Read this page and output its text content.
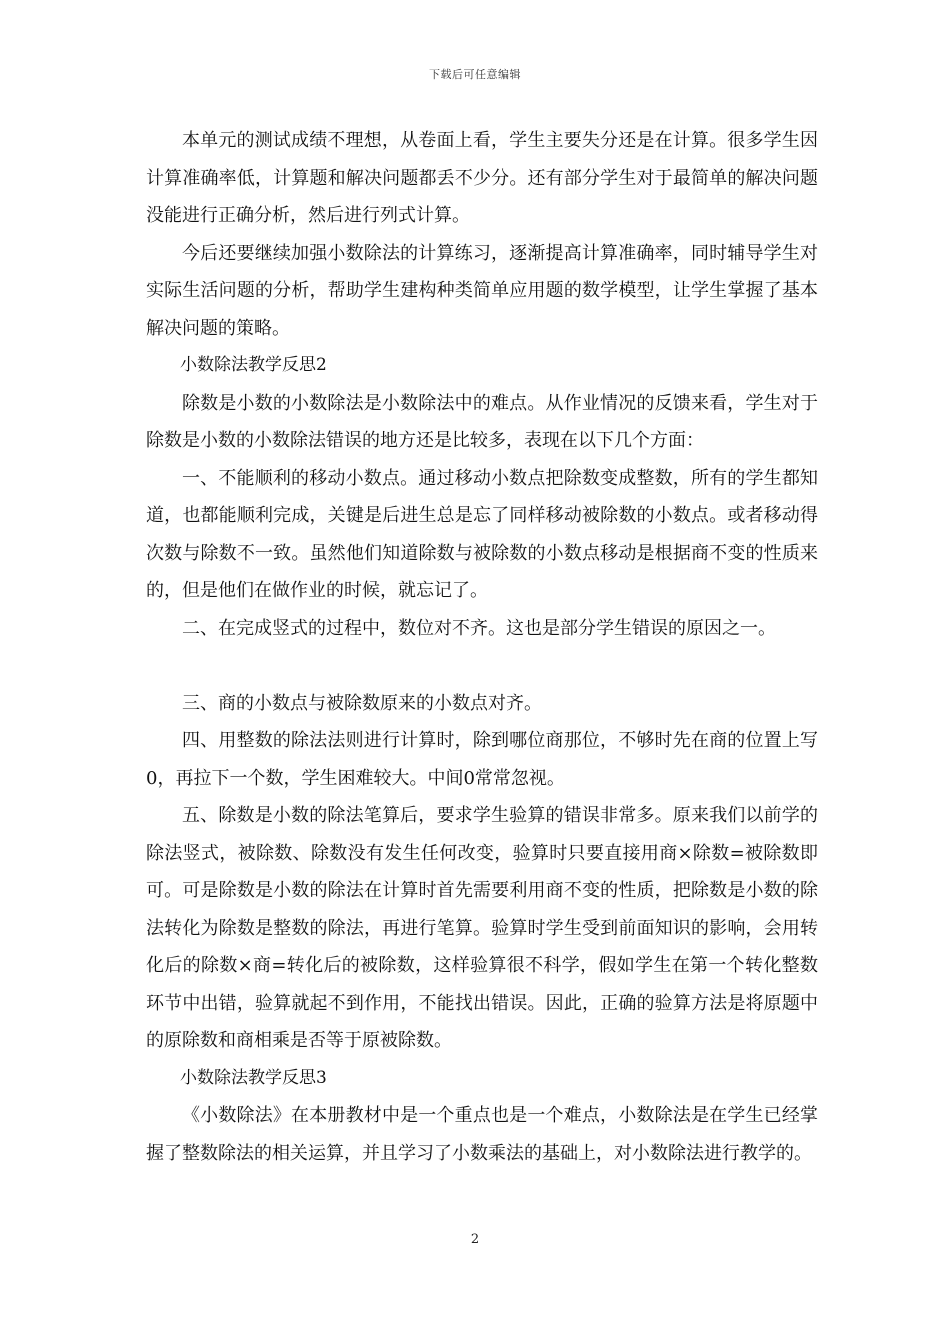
下载后可任意编辑

本单元的测试成绩不理想，从卷面上看，学生主要失分还是在计算。很多学生因计算准确率低，计算题和解决问题都丢不少分。还有部分学生对于最简单的解决问题没能进行正确分析，然后进行列式计算。

今后还要继续加强小数除法的计算练习，逐渐提高计算准确率，同时辅导学生对实际生活问题的分析，帮助学生建构种类简单应用题的数学模型，让学生掌握了基本解决问题的策略。

小数除法教学反思2

除数是小数的小数除法是小数除法中的难点。从作业情况的反馈来看，学生对于除数是小数的小数除法错误的地方还是比较多，表现在以下几个方面：

一、不能顺利的移动小数点。通过移动小数点把除数变成整数，所有的学生都知道，也都能顺利完成，关键是后进生总是忘了同样移动被除数的小数点。或者移动得次数与除数不一致。虽然他们知道除数与被除数的小数点移动是根据商不变的性质来的，但是他们在做作业的时候，就忘记了。

二、在完成竖式的过程中，数位对不齐。这也是部分学生错误的原因之一。

三、商的小数点与被除数原来的小数点对齐。

四、用整数的除法法则进行计算时，除到哪位商那位，不够时先在商的位置上写0，再拉下一个数，学生困难较大。中间0常常忽视。

五、除数是小数的除法笔算后，要求学生验算的错误非常多。原来我们以前学的除法竖式，被除数、除数没有发生任何改变，验算时只要直接用商×除数=被除数即可。可是除数是小数的除法在计算时首先需要利用商不变的性质，把除数是小数的除法转化为除数是整数的除法，再进行笔算。验算时学生受到前面知识的影响，会用转化后的除数×商=转化后的被除数，这样验算很不科学，假如学生在第一个转化整数环节中出错，验算就起不到作用，不能找出错误。因此，正确的验算方法是将原题中的原除数和商相乘是否等于原被除数。

小数除法教学反思3

《小数除法》在本册教材中是一个重点也是一个难点，小数除法是在学生已经掌握了整数除法的相关运算，并且学习了小数乘法的基础上，对小数除法进行教学的。

2
